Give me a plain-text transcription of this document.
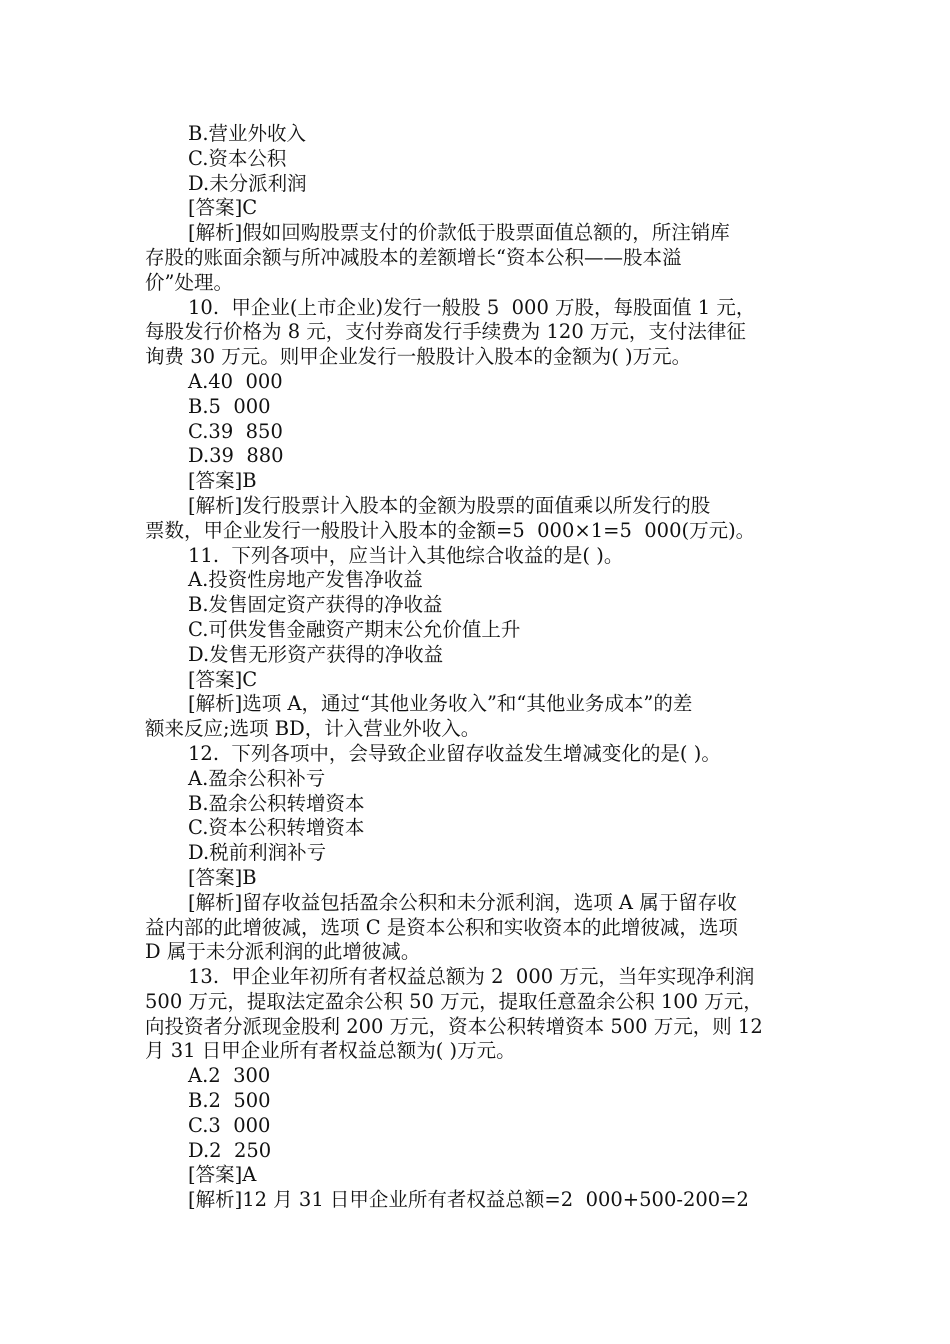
B.营业外收入
C.资本公积
D.未分派利润
[答案]C
[解析]假如回购股票支付的价款低于股票面值总额的，所注销库
存股的账面余额与所冲减股本的差额增长“资本公积——股本溢
价”处理。
10.  甲企业(上市企业)发行一般股 5  000 万股，每股面值 1 元，
每股发行价格为 8 元，支付券商发行手续费为 120 万元，支付法律征
询费 30 万元。则甲企业发行一般股计入股本的金额为( )万元。
A.40  000
B.5  000
C.39  850
D.39  880
[答案]B
[解析]发行股票计入股本的金额为股票的面值乘以所发行的股
票数，甲企业发行一般股计入股本的金额=5  000×1=5  000(万元)。
11.  下列各项中，应当计入其他综合收益的是( )。
A.投资性房地产发售净收益
B.发售固定资产获得的净收益
C.可供发售金融资产期末公允价值上升
D.发售无形资产获得的净收益
[答案]C
[解析]选项 A，通过“其他业务收入”和“其他业务成本”的差
额来反应;选项 BD，计入营业外收入。
12.  下列各项中，会导致企业留存收益发生增减变化的是( )。
A.盈余公积补亏
B.盈余公积转增资本
C.资本公积转增资本
D.税前利润补亏
[答案]B
[解析]留存收益包括盈余公积和未分派利润，选项 A 属于留存收
益内部的此增彼减，选项 C 是资本公积和实收资本的此增彼减，选项
D 属于未分派利润的此增彼减。
13.  甲企业年初所有者权益总额为 2  000 万元，当年实现净利润
500 万元，提取法定盈余公积 50 万元，提取任意盈余公积 100 万元，
向投资者分派现金股利 200 万元，资本公积转增资本 500 万元，则 12
月 31 日甲企业所有者权益总额为( )万元。
A.2  300
B.2  500
C.3  000
D.2  250
[答案]A
[解析]12 月 31 日甲企业所有者权益总额=2  000+500-200=2
